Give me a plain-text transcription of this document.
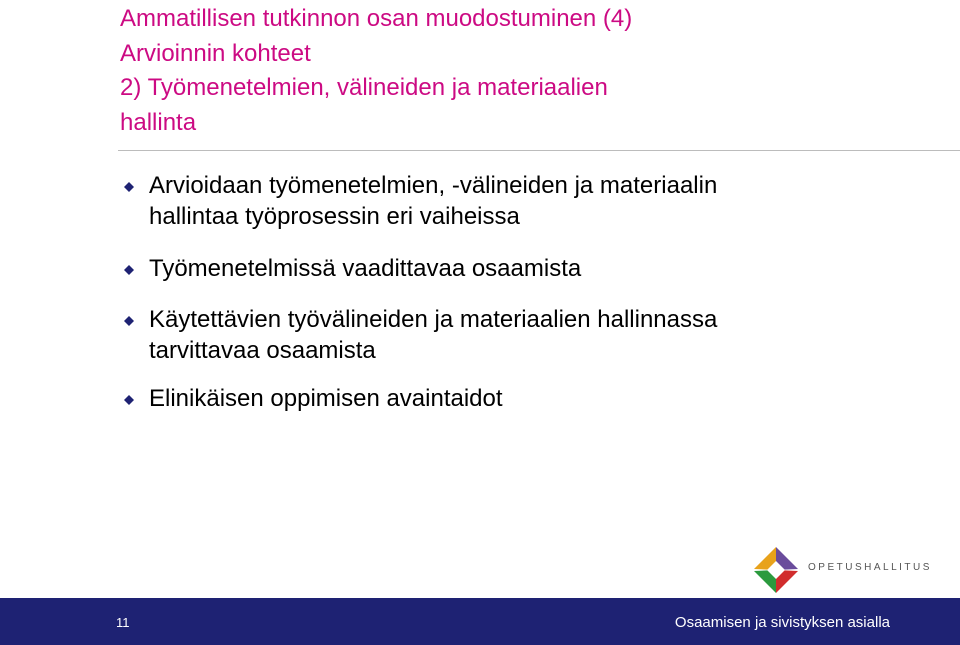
Ammatillisen tutkinnon osan muodostuminen (4)
Arvioinnin kohteet
2) Työmenetelmien, välineiden ja materiaalien
hallinta
Arvioidaan työmenetelmien, -välineiden ja materiaalin
hallintaa työprosessin eri vaiheissa
Työmenetelmissä vaadittavaa osaamista
Käytettävien työvälineiden ja materiaalien hallinnassa
tarvittavaa osaamista
Elinikäisen oppimisen avaintaidot
OPETUSHALLITUS
11	Osaamisen ja sivistyksen asialla
